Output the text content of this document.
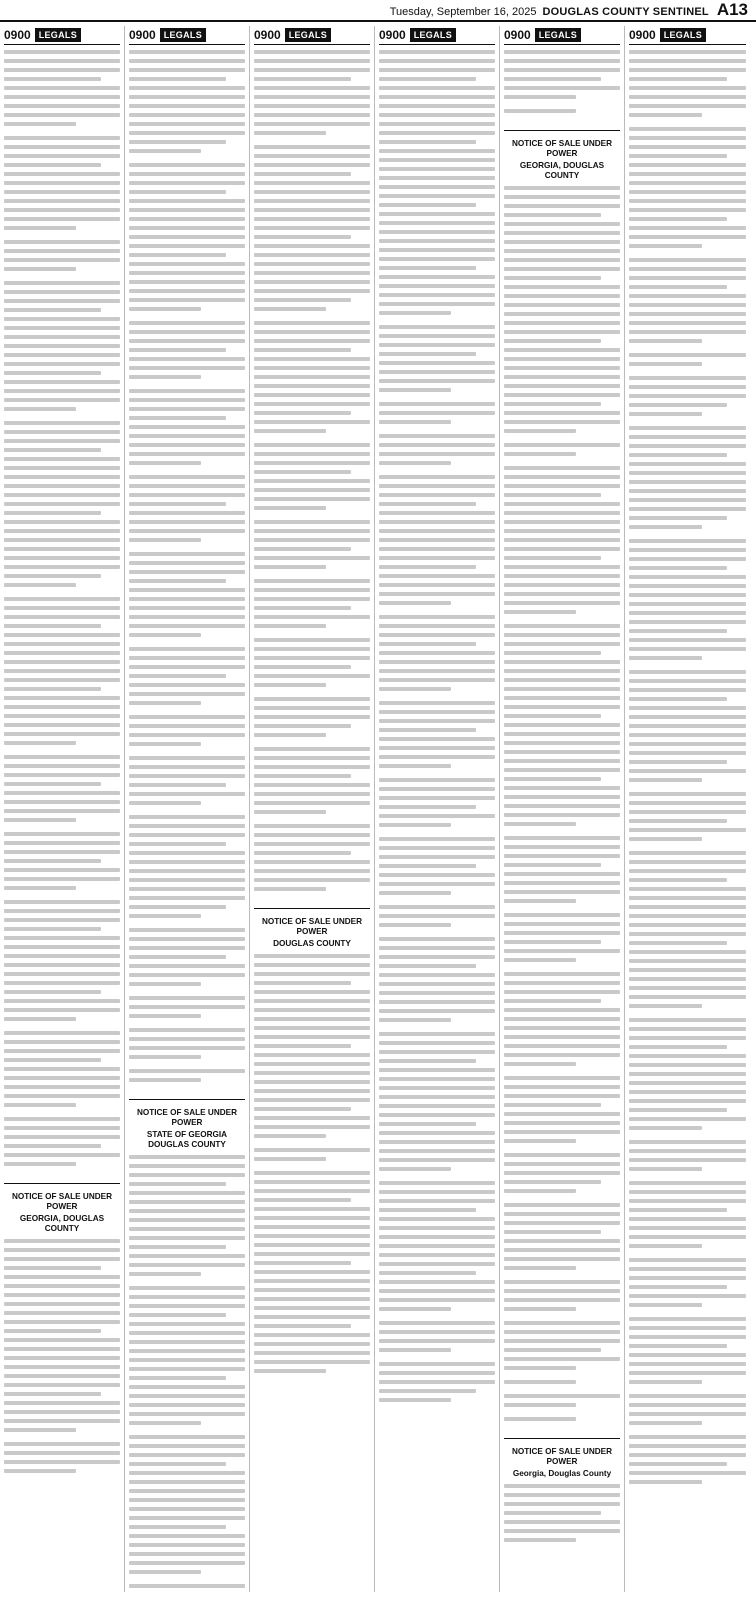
Tuesday, September 16, 2025 DOUGLAS COUNTY SENTINEL A13
0900 LEGALS
NOTICE OF SALE UNDER POWER
GEORGIA, DOUGLAS COUNTY
0900 LEGALS
NOTICE OF SALE UNDER POWER
STATE OF GEORGIA DOUGLAS COUNTY
0900 LEGALS
NOTICE OF SALE UNDER POWER
DOUGLAS COUNTY
0900 LEGALS	0900 LEGALS
NOTICE OF SALE UNDER POWER
GEORGIA, DOUGLAS COUNTY
NOTICE OF SALE UNDER POWER
Georgia, Douglas County
0900 LEGALS
